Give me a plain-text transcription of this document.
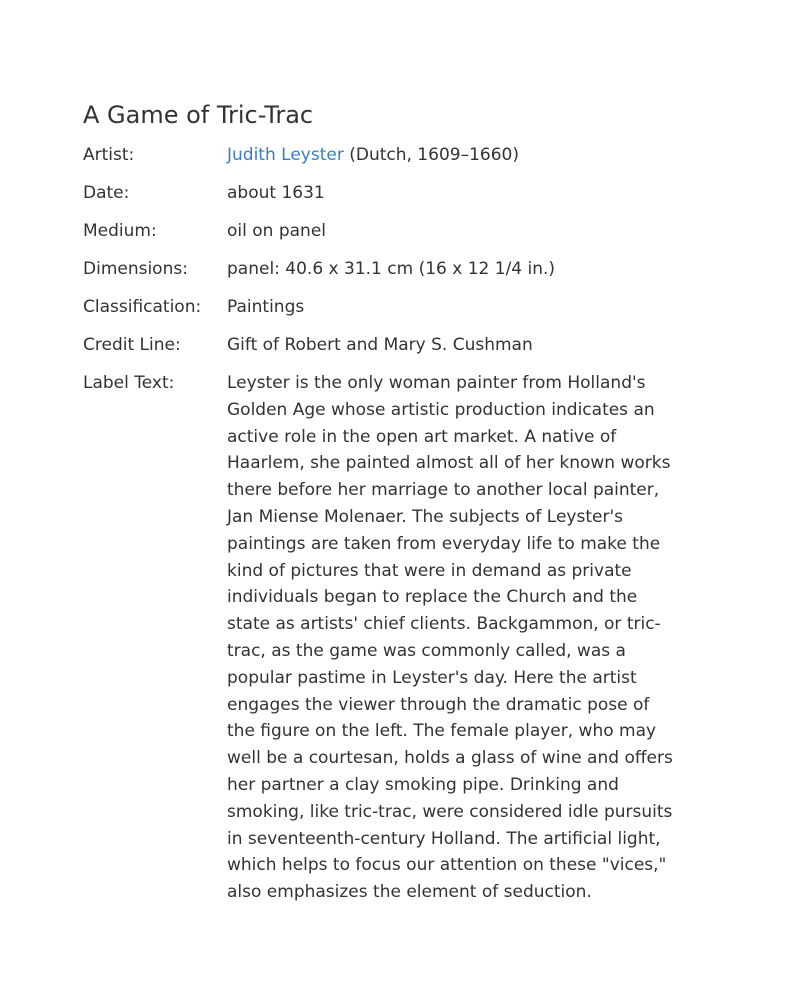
A Game of Tric-Trac
Artist:	Judith Leyster (Dutch, 1609–1660)
Date:	about 1631
Medium:	oil on panel
Dimensions:	panel: 40.6 x 31.1 cm (16 x 12 1/4 in.)
Classification:	Paintings
Credit Line:	Gift of Robert and Mary S. Cushman
Label Text:	Leyster is the only woman painter from Holland's Golden Age whose artistic production indicates an active role in the open art market. A native of Haarlem, she painted almost all of her known works there before her marriage to another local painter, Jan Miense Molenaer. The subjects of Leyster's paintings are taken from everyday life to make the kind of pictures that were in demand as private individuals began to replace the Church and the state as artists' chief clients. Backgammon, or tric-trac, as the game was commonly called, was a popular pastime in Leyster's day. Here the artist engages the viewer through the dramatic pose of the figure on the left. The female player, who may well be a courtesan, holds a glass of wine and offers her partner a clay smoking pipe. Drinking and smoking, like tric-trac, were considered idle pursuits in seventeenth-century Holland. The artificial light, which helps to focus our attention on these "vices," also emphasizes the element of seduction.
